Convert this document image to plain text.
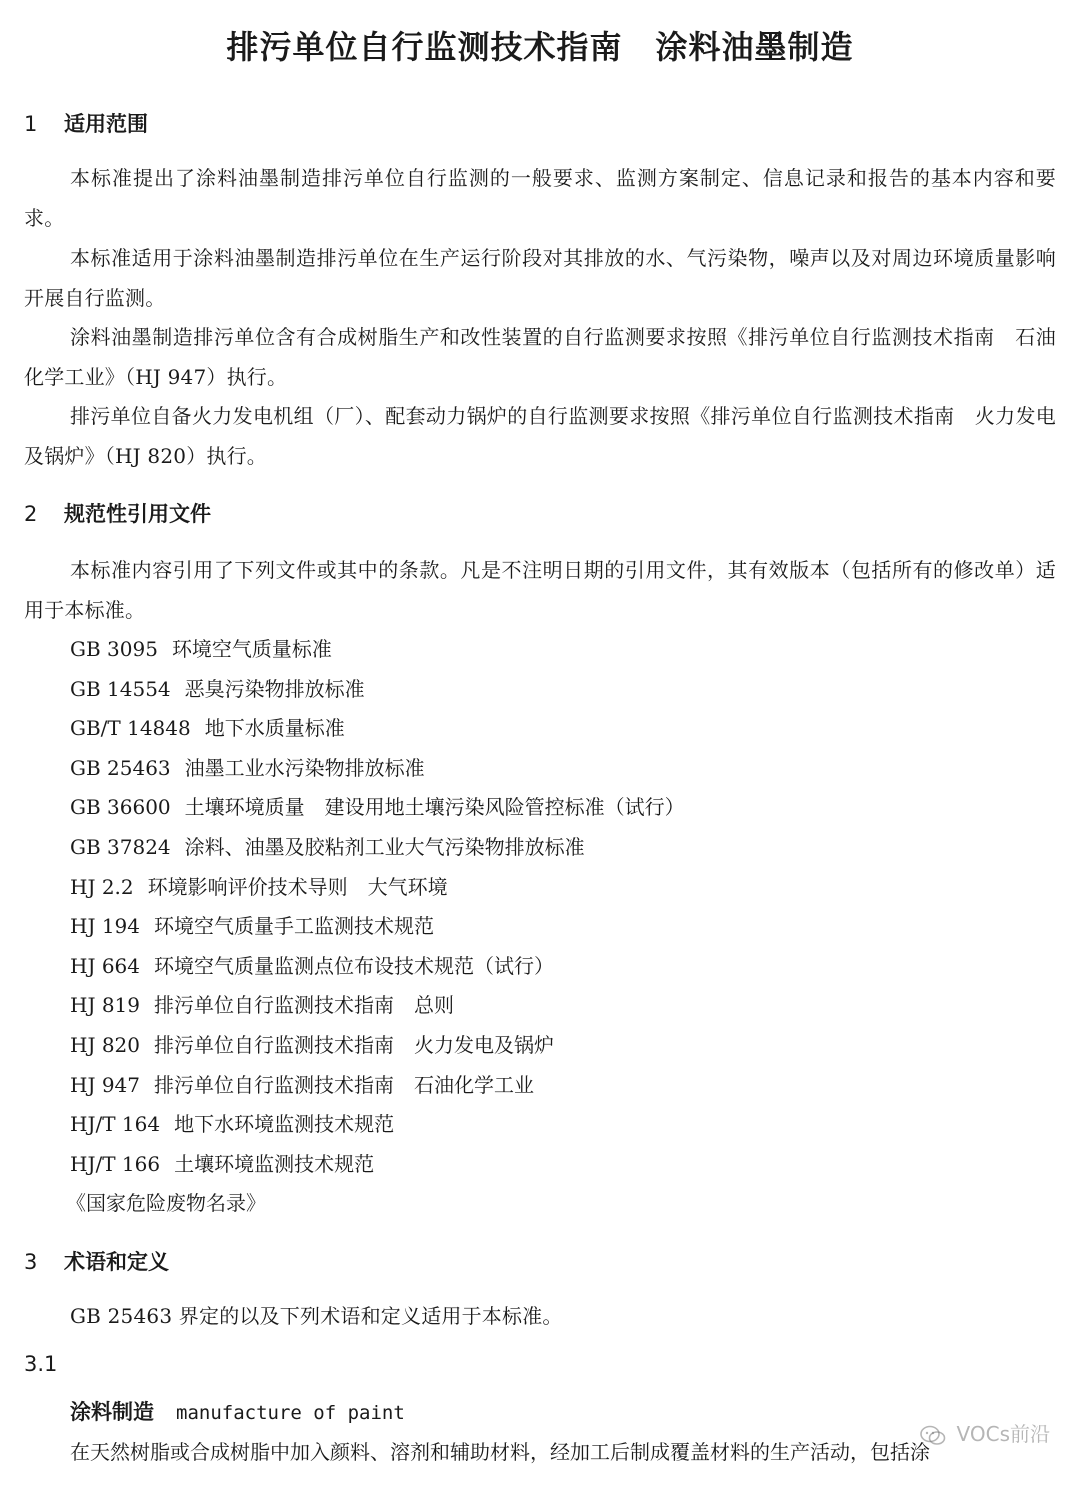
排污单位自行监测技术指南　涂料油墨制造
1 适用范围
本标准提出了涂料油墨制造排污单位自行监测的一般要求、监测方案制定、信息记录和报告的基本内容和要求。
本标准适用于涂料油墨制造排污单位在生产运行阶段对其排放的水、气污染物，噪声以及对周边环境质量影响开展自行监测。
涂料油墨制造排污单位含有合成树脂生产和改性装置的自行监测要求按照《排污单位自行监测技术指南　石油化学工业》（HJ 947）执行。
排污单位自备火力发电机组（厂）、配套动力锅炉的自行监测要求按照《排污单位自行监测技术指南　火力发电及锅炉》（HJ 820）执行。
2 规范性引用文件
本标准内容引用了下列文件或其中的条款。凡是不注明日期的引用文件，其有效版本（包括所有的修改单）适用于本标准。
GB 3095 环境空气质量标准
GB 14554 恶臭污染物排放标准
GB/T 14848 地下水质量标准
GB 25463 油墨工业水污染物排放标准
GB 36600 土壤环境质量　建设用地土壤污染风险管控标准（试行）
GB 37824 涂料、油墨及胶粘剂工业大气污染物排放标准
HJ 2.2 环境影响评价技术导则　大气环境
HJ 194 环境空气质量手工监测技术规范
HJ 664 环境空气质量监测点位布设技术规范（试行）
HJ 819 排污单位自行监测技术指南　总则
HJ 820 排污单位自行监测技术指南　火力发电及锅炉
HJ 947 排污单位自行监测技术指南　石油化学工业
HJ/T 164 地下水环境监测技术规范
HJ/T 166 土壤环境监测技术规范
《国家危险废物名录》
3 术语和定义
GB 25463 界定的以及下列术语和定义适用于本标准。
3.1
涂料制造 manufacture of paint
在天然树脂或合成树脂中加入颜料、溶剂和辅助材料，经加工后制成覆盖材料的生产活动，包括涂
VOCs前沿
